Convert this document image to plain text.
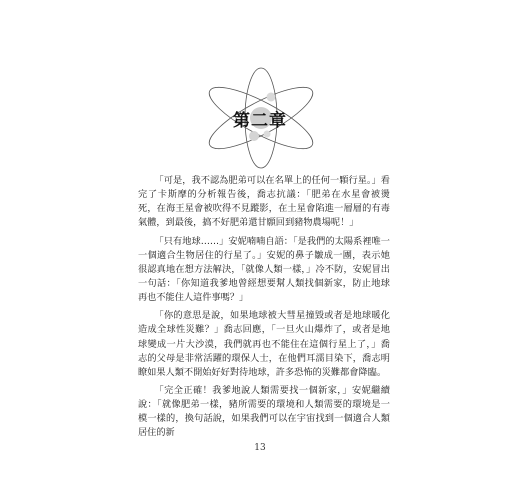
第二章

「可是，我不認為肥弟可以在名單上的任何一顆行星。」看完了卡斯摩的分析報告後，喬志抗議：「肥弟在水星會被燙死，在海王星會被吹得不見蹤影，在土星會陷進一層層的有毒氣體，到最後，搞不好肥弟還甘願回到豬物農場呢！」

「只有地球……」安妮喃喃自語：「是我們的太陽系裡唯一一個適合生物居住的行星了。」安妮的鼻子皺成一團，表示她很認真地在想方法解決，「就像人類一樣，」冷不防，安妮冒出一句話：「你知道我爹地曾經想要幫人類找個新家，防止地球再也不能住人這件事嗎？」

「你的意思是說，如果地球被大彗星撞毀或者是地球暖化造成全球性災難？」喬志回應，「一旦火山爆炸了，或者是地球變成一片大沙漠，我們就再也不能住在這個行星上了，」喬志的父母是非常活躍的環保人士，在他們耳濡目染下，喬志明瞭如果人類不開始好好對待地球，許多恐怖的災難都會降臨。

「完全正確！我爹地說人類需要找一個新家，」安妮繼續說：「就像肥弟一樣，豬所需要的環境和人類需要的環境是一模一樣的，換句話說，如果我們可以在宇宙找到一個適合人類居住的新

13
